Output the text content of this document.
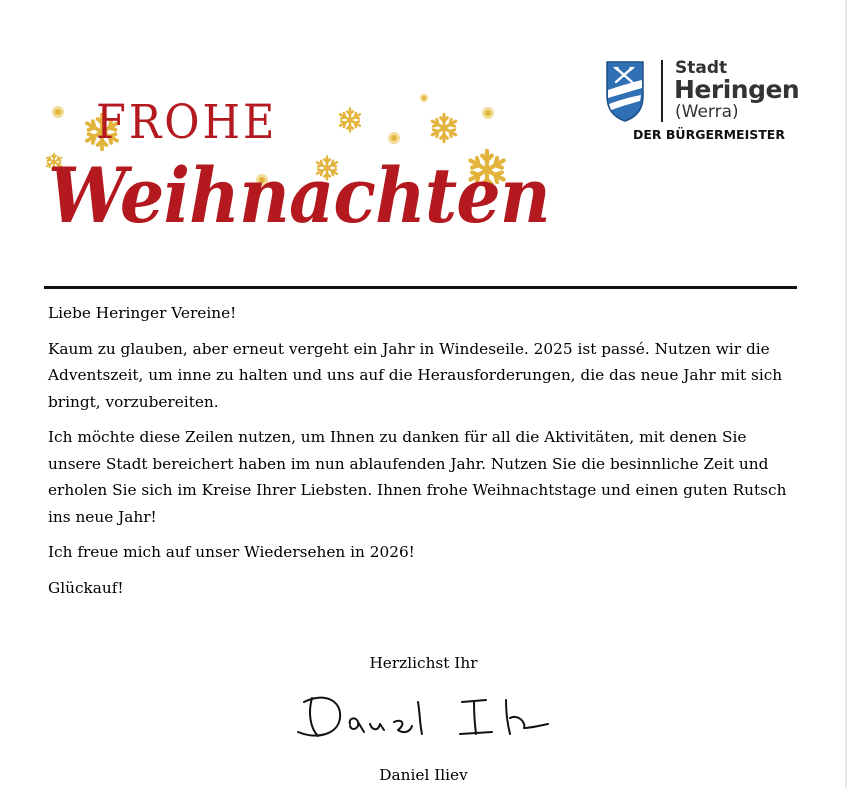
FROHE
Weihnachten
Stadt
Heringen
(Werra)
DER BÜRGERMEISTER

Liebe Heringer Vereine!

Kaum zu glauben, aber erneut vergeht ein Jahr in Windeseile. 2025 ist passé. Nutzen wir die Adventszeit, um inne zu halten und uns auf die Herausforderungen, die das neue Jahr mit sich bringt, vorzubereiten.

Ich möchte diese Zeilen nutzen, um Ihnen zu danken für all die Aktivitäten, mit denen Sie unsere Stadt bereichert haben im nun ablaufenden Jahr. Nutzen Sie die besinnliche Zeit und erholen Sie sich im Kreise Ihrer Liebsten. Ihnen frohe Weihnachtstage und einen guten Rutsch ins neue Jahr!

Ich freue mich auf unser Wiedersehen in 2026!

Glückauf!

Herzlichst Ihr
Daniel Iliev
